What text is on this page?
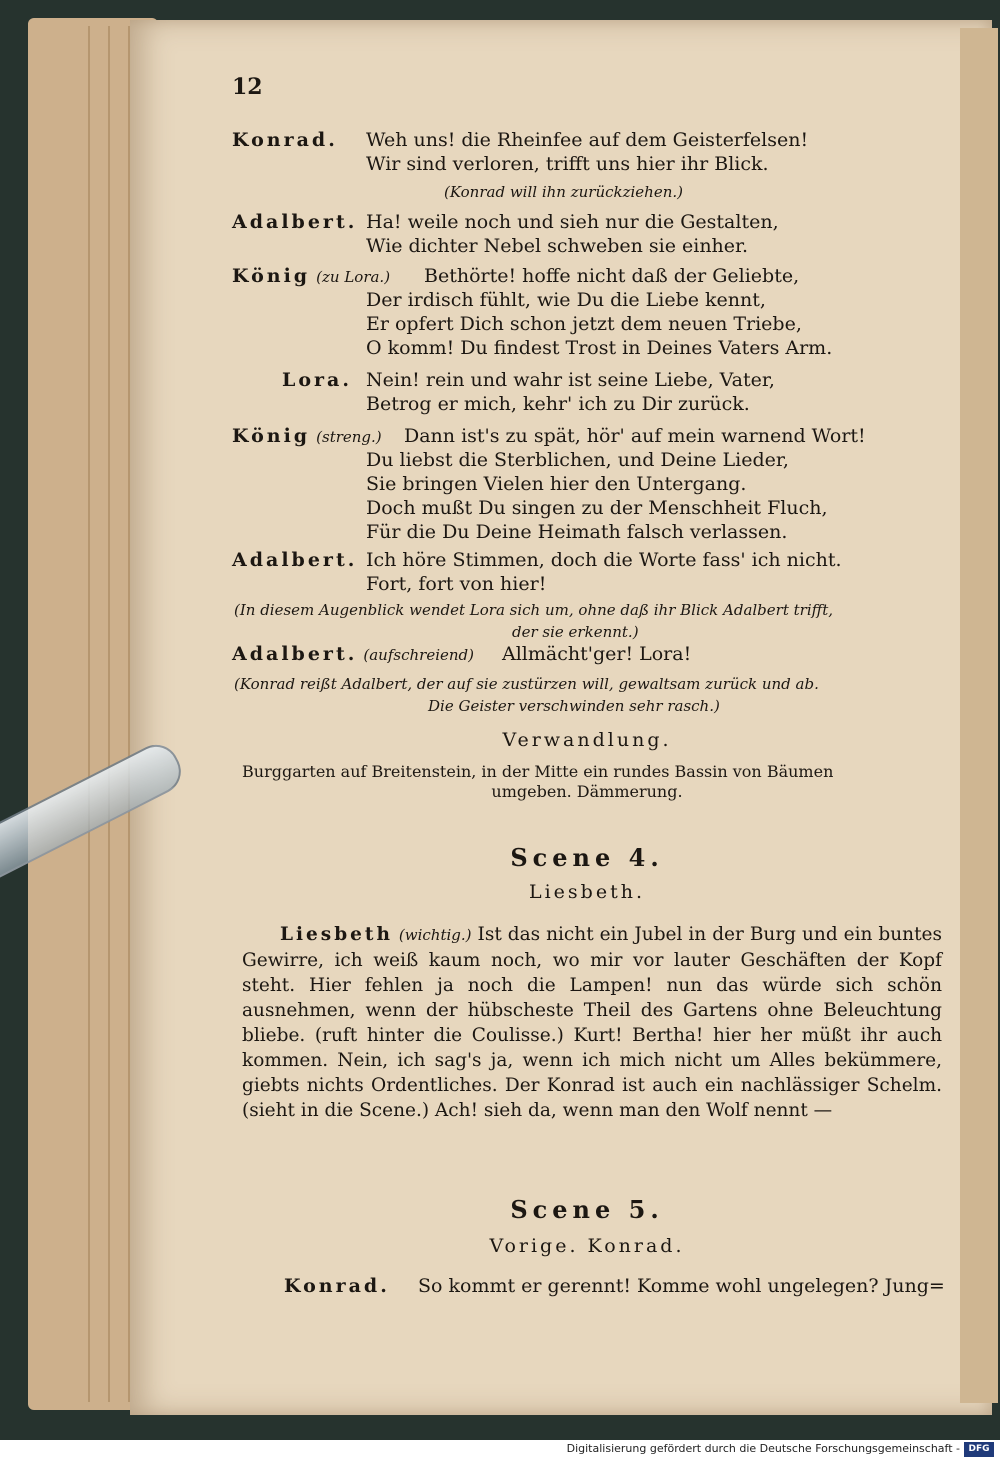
12
Konrad. Weh uns! die Rheinfee auf dem Geisterfelsen!
Wir sind verloren, trifft uns hier ihr Blick.
(Konrad will ihn zurückziehen.)
Adalbert. Ha! weile noch und sieh nur die Gestalten,
Wie dichter Nebel schweben sie einher.
König (zu Lora.) Bethörte! hoffe nicht daß der Geliebte,
Der irdisch fühlt, wie Du die Liebe kennt,
Er opfert Dich schon jetzt dem neuen Triebe,
O komm! Du findest Trost in Deines Vaters Arm.
Lora. Nein! rein und wahr ist seine Liebe, Vater,
Betrog er mich, kehr' ich zu Dir zurück.
König (streng.) Dann ist's zu spät, hör' auf mein warnend Wort!
Du liebst die Sterblichen, und Deine Lieder,
Sie bringen Vielen hier den Untergang.
Doch mußt Du singen zu der Menschheit Fluch,
Für die Du Deine Heimath falsch verlassen.
Adalbert. Ich höre Stimmen, doch die Worte fass' ich nicht.
Fort, fort von hier!
(In diesem Augenblick wendet Lora sich um, ohne daß ihr Blick Adalbert trifft,
der sie erkennt.)
Adalbert. (aufschreiend) Allmächt'ger! Lora!
(Konrad reißt Adalbert, der auf sie zustürzen will, gewaltsam zurück und ab.
Die Geister verschwinden sehr rasch.)
Verwandlung.
Burggarten auf Breitenstein, in der Mitte ein rundes Bassin von Bäumen
umgeben. Dämmerung.
Scene 4.
Liesbeth.
Liesbeth (wichtig.) Ist das nicht ein Jubel in der Burg und ein buntes Gewirre, ich weiß kaum noch, wo mir vor lauter Geschäften der Kopf steht. Hier fehlen ja noch die Lampen! nun das würde sich schön ausnehmen, wenn der hübscheste Theil des Gartens ohne Beleuchtung bliebe. (ruft hinter die Coulisse.) Kurt! Bertha! hier her müßt ihr auch kommen. Nein, ich sag's ja, wenn ich mich nicht um Alles bekümmere, giebts nichts Ordentliches. Der Konrad ist auch ein nachlässiger Schelm. (sieht in die Scene.) Ach! sieh da, wenn man den Wolf nennt —
Scene 5.
Vorige. Konrad.
Konrad. So kommt er gerennt! Komme wohl ungelegen? Jung=
Digitalisierung gefördert durch die Deutsche Forschungsgemeinschaft - DFG
